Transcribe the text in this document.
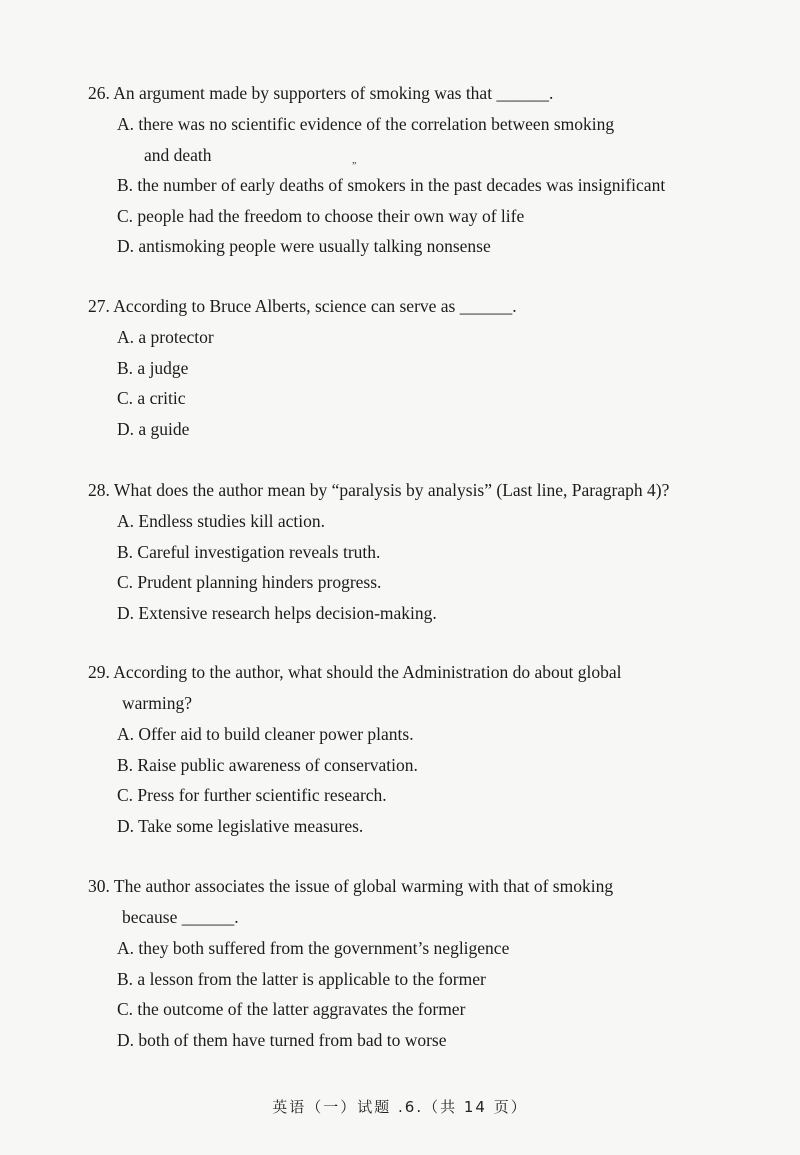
26. An argument made by supporters of smoking was that ______.
A. there was no scientific evidence of the correlation between smoking
and death
B. the number of early deaths of smokers in the past decades was insignificant
C. people had the freedom to choose their own way of life
D. antismoking people were usually talking nonsense
27. According to Bruce Alberts, science can serve as ______.
A. a protector
B. a judge
C. a critic
D. a guide
28. What does the author mean by “paralysis by analysis” (Last line, Paragraph 4)?
A. Endless studies kill action.
B. Careful investigation reveals truth.
C. Prudent planning hinders progress.
D. Extensive research helps decision-making.
29. According to the author, what should the Administration do about global
warming?
A. Offer aid to build cleaner power plants.
B. Raise public awareness of conservation.
C. Press for further scientific research.
D. Take some legislative measures.
30. The author associates the issue of global warming with that of smoking
because ______.
A. they both suffered from the government’s negligence
B. a lesson from the latter is applicable to the former
C. the outcome of the latter aggravates the former
D. both of them have turned from bad to worse
„
英语（一）试题 .6.（共 14 页）
